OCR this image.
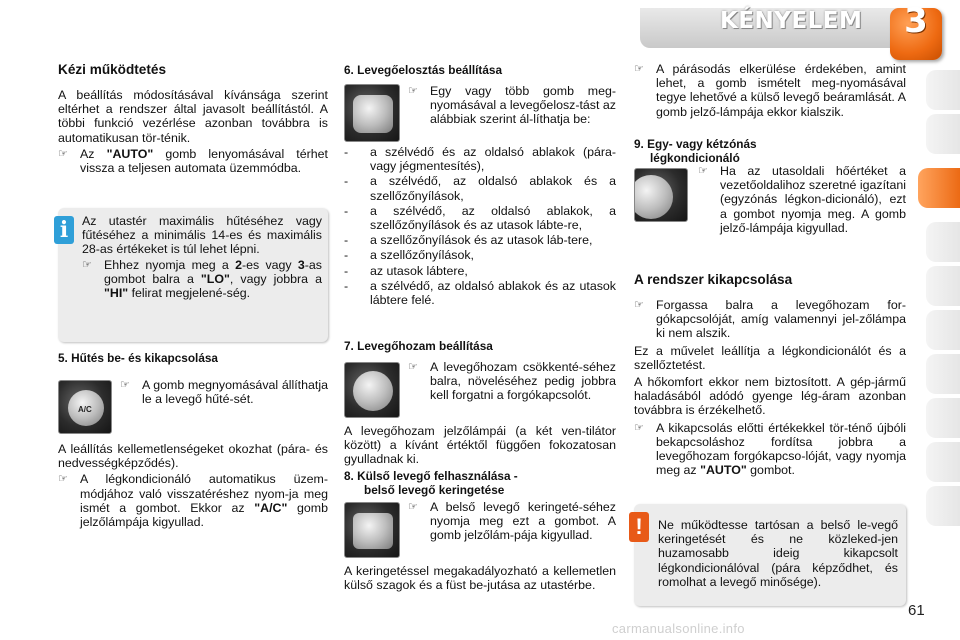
KÉNYELEM	3
Kézi működtetés

A beállítás módosításával kívánsága szerint eltérhet a rendszer által javasolt beállítástól. A többi funkció vezérlése azonban továbbra is automatikusan tör-ténik.

☞ Az "AUTO" gomb lenyomásával térhet vissza a teljesen automata üzemmódba.
i	Az utastér maximális hűtéséhez vagy fűtéséhez a minimális 14-es és maximális 28-as értékeket is túl lehet lépni.

☞ Ehhez nyomja meg a 2-es vagy 3-as gombot balra a "LO", vagy jobbra a "HI" felirat megjelené-ség.
5. Hűtés be- és kikapcsolása
A/C
☞ A gomb megnyomásával állíthatja le a levegő hűté-sét.

A leállítás kellemetlenségeket okozhat (pára- és nedvességképződés).

☞ A légkondicionáló automatikus üzem-módjához való visszatéréshez nyom-ja meg ismét a gombot. Ekkor az "A/C" gomb jelzőlámpája kigyullad.
6. Levegőelosztás beállítása
☞ Egy vagy több gomb meg-nyomásával a levegőelosz-tást az alábbiak szerint ál-líthatja be:
-	a szélvédő és az oldalsó ablakok (pára- vagy jégmentesítés),
-	a szélvédő, az oldalsó ablakok és a szellőzőnyílások,
-	a szélvédő, az oldalsó ablakok, a szellőzőnyílások és az utasok lábte-re,
-	a szellőzőnyílások és az utasok láb-tere,
-	a szellőzőnyílások,
-	az utasok lábtere,
-	a szélvédő, az oldalsó ablakok és az utasok lábtere felé.
7. Levegőhozam beállítása
☞ A levegőhozam csökkenté-séhez balra, növeléséhez pedig jobbra kell forgatni a forgókapcsolót.

A levegőhozam jelzőlámpái (a két ven-tilátor között) a kívánt értéktől függően fokozatosan gyulladnak ki.

8. Külső levegő felhasználása -
belső levegő keringetése
☞ A belső levegő keringeté-séhez nyomja meg ezt a gombot. A gomb jelzőlám-pája kigyullad.

A keringetéssel megakadályozható a kellemetlen külső szagok és a füst be-jutása az utastérbe.

☞ A párásodás elkerülése érdekében, amint lehet, a gomb ismételt meg-nyomásával tegye lehetővé a külső levegő beáramlását. A gomb jelző-lámpája ekkor kialszik.
9. Egy- vagy kétzónás
légkondicionáló
☞ Ha az utasoldali hőértéket a vezetőoldalihoz szeretné igazítani (egyzónás légkon-dicionáló), ezt a gombot nyomja meg. A gomb jelző-lámpája kigyullad.
A rendszer kikapcsolása
☞ Forgassa balra a levegőhozam for-gókapcsolóját, amíg valamennyi jel-zőlámpa ki nem alszik.

Ez a művelet leállítja a légkondicionálót és a szellőztetést.

A hőkomfort ekkor nem biztosított. A gép-jármű haladásából adódó gyenge lég-áram azonban továbbra is érzékelhető.

☞ A kikapcsolás előtti értékekkel tör-ténő újbóli bekapcsoláshoz fordítsa jobbra a levegőhozam forgókapcso-lóját, vagy nyomja meg az "AUTO" gombot.
!	Ne működtesse tartósan a belső le-vegő keringetését és ne közleked-jen huzamosabb ideig kikapcsolt légkondicionálóval (pára képződhet, és romolhat a levegő minősége).

61
carmanualsonline.info
